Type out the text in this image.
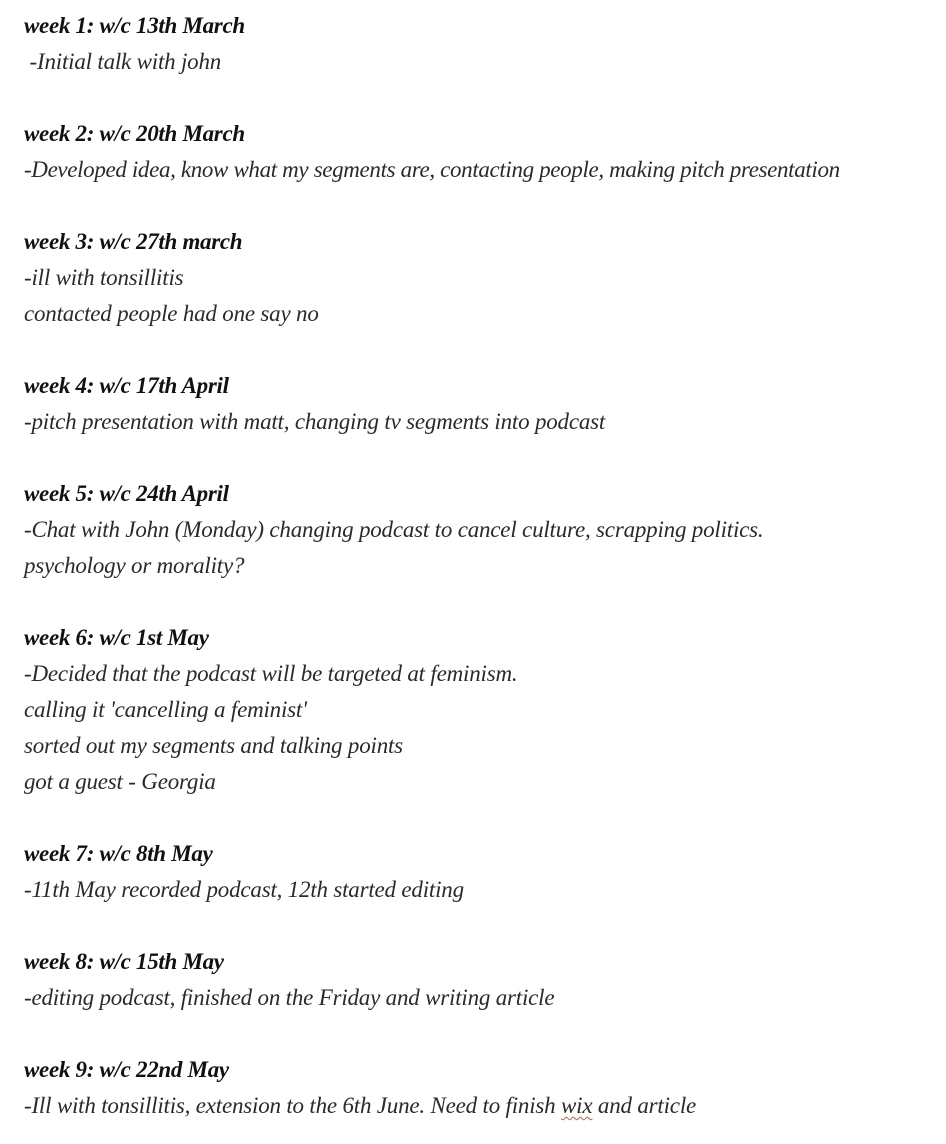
week 1: w/c 13th March
-Initial talk with john
week 2: w/c 20th March
-Developed idea, know what my segments are, contacting people, making pitch presentation
week 3: w/c 27th march
-ill with tonsillitis
contacted people had one say no
week 4: w/c 17th April
-pitch presentation with matt, changing tv segments into podcast
week 5: w/c 24th April
-Chat with John (Monday) changing podcast to cancel culture, scrapping politics.
psychology or morality?
week 6: w/c 1st May
-Decided that the podcast will be targeted at feminism.
calling it 'cancelling a feminist'
sorted out my segments and talking points
got a guest - Georgia
week 7: w/c 8th May
-11th May recorded podcast, 12th started editing
week 8: w/c 15th May
-editing podcast, finished on the Friday and writing article
week 9: w/c 22nd May
-Ill with tonsillitis, extension to the 6th June. Need to finish wix and article
